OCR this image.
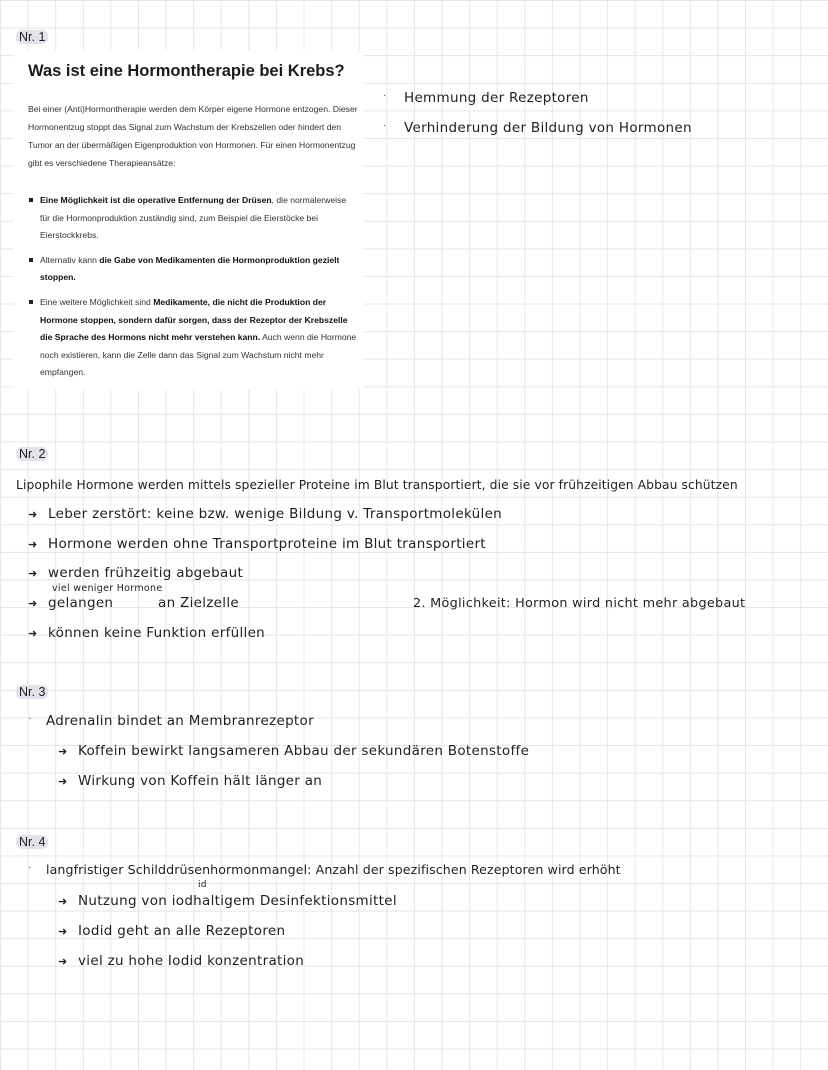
Nr. 1
Nr. 2
Nr. 3
Nr. 4
Was ist eine Hormontherapie bei Krebs?
Bei einer (Anti)Hormontherapie werden dem Körper eigene Hormone entzogen. Dieser Hormonentzug stoppt das Signal zum Wachstum der Krebszellen oder hindert den Tumor an der übermäßigen Eigenproduktion von Hormonen. Für einen Hormonentzug gibt es verschiedene Therapieansätze:
Eine Möglichkeit ist die operative Entfernung der Drüsen, die normalerweise für die Hormonproduktion zuständig sind, zum Beispiel die Eierstöcke bei Eierstockkrebs.
Alternativ kann die Gabe von Medikamenten die Hormonproduktion gezielt stoppen.
Eine weitere Möglichkeit sind Medikamente, die nicht die Produktion der Hormone stoppen, sondern dafür sorgen, dass der Rezeptor der Krebszelle die Sprache des Hormons nicht mehr verstehen kann. Auch wenn die Hormone noch existieren, kann die Zelle dann das Signal zum Wachstum nicht mehr empfangen.
· Hemmung der Rezeptoren
· Verhinderung der Bildung von Hormonen
Lipophile Hormone werden mittels spezieller Proteine im Blut transportiert, die sie vor frühzeitigen Abbau schützen
➜ Leber zerstört: keine bzw. wenige Bildung v. Transportmolekülen
➜ Hormone werden ohne Transportproteine im Blut transportiert
➜ werden frühzeitig abgebaut
viel weniger Hormone
➜ gelangen	an Zielzelle	2. Möglichkeit: Hormon wird nicht mehr abgebaut
➜ können keine Funktion erfüllen
· Adrenalin bindet an Membranrezeptor
➜ Koffein bewirkt langsameren Abbau der sekundären Botenstoffe
➜ Wirkung von Koffein hält länger an
· langfristiger Schilddrüsenhormonmangel: Anzahl der spezifischen Rezeptoren wird erhöht
id
➜ Nutzung von iodhaltigem Desinfektionsmittel
➜ Iodid geht an alle Rezeptoren
➜ viel zu hohe Iodid konzentration
